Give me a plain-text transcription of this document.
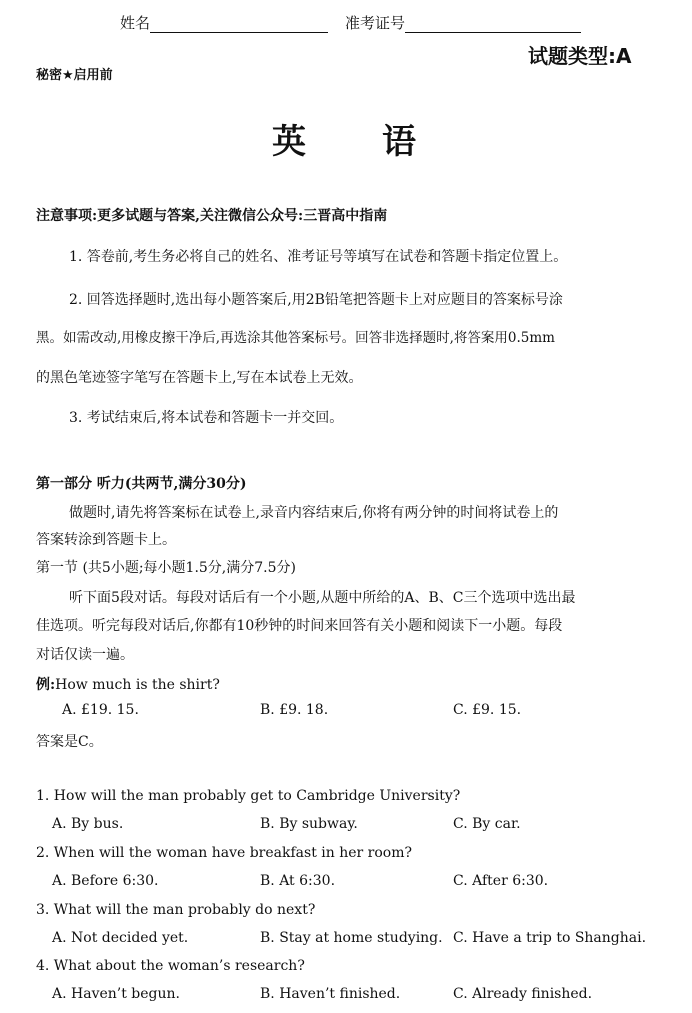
姓名	准考证号
试题类型:A
秘密★启用前
英 语
注意事项:更多试题与答案,关注微信公众号:三晋高中指南
1. 答卷前,考生务必将自己的姓名、准考证号等填写在试卷和答题卡指定位置上。
2. 回答选择题时,选出每小题答案后,用2B铅笔把答题卡上对应题目的答案标号涂
黑。如需改动,用橡皮擦干净后,再选涂其他答案标号。回答非选择题时,将答案用0.5mm
的黑色笔迹签字笔写在答题卡上,写在本试卷上无效。
3. 考试结束后,将本试卷和答题卡一并交回。
第一部分 听力(共两节,满分30分)
做题时,请先将答案标在试卷上,录音内容结束后,你将有两分钟的时间将试卷上的
答案转涂到答题卡上。
第一节 (共5小题;每小题1.5分,满分7.5分)
听下面5段对话。每段对话后有一个小题,从题中所给的A、B、C三个选项中选出最
佳选项。听完每段对话后,你都有10秒钟的时间来回答有关小题和阅读下一小题。每段
对话仅读一遍。
例:How much is the shirt?
A. £19. 15.	B. £9. 18.	C. £9. 15.
答案是C。
1. How will the man probably get to Cambridge University?
A. By bus.	B. By subway.	C. By car.
2. When will the woman have breakfast in her room?
A. Before 6:30.	B. At 6:30.	C. After 6:30.
3. What will the man probably do next?
A. Not decided yet.	B. Stay at home studying. C. Have a trip to Shanghai.
4. What about the woman’s research?
A. Haven’t begun.	B. Haven’t finished.	C. Already finished.
